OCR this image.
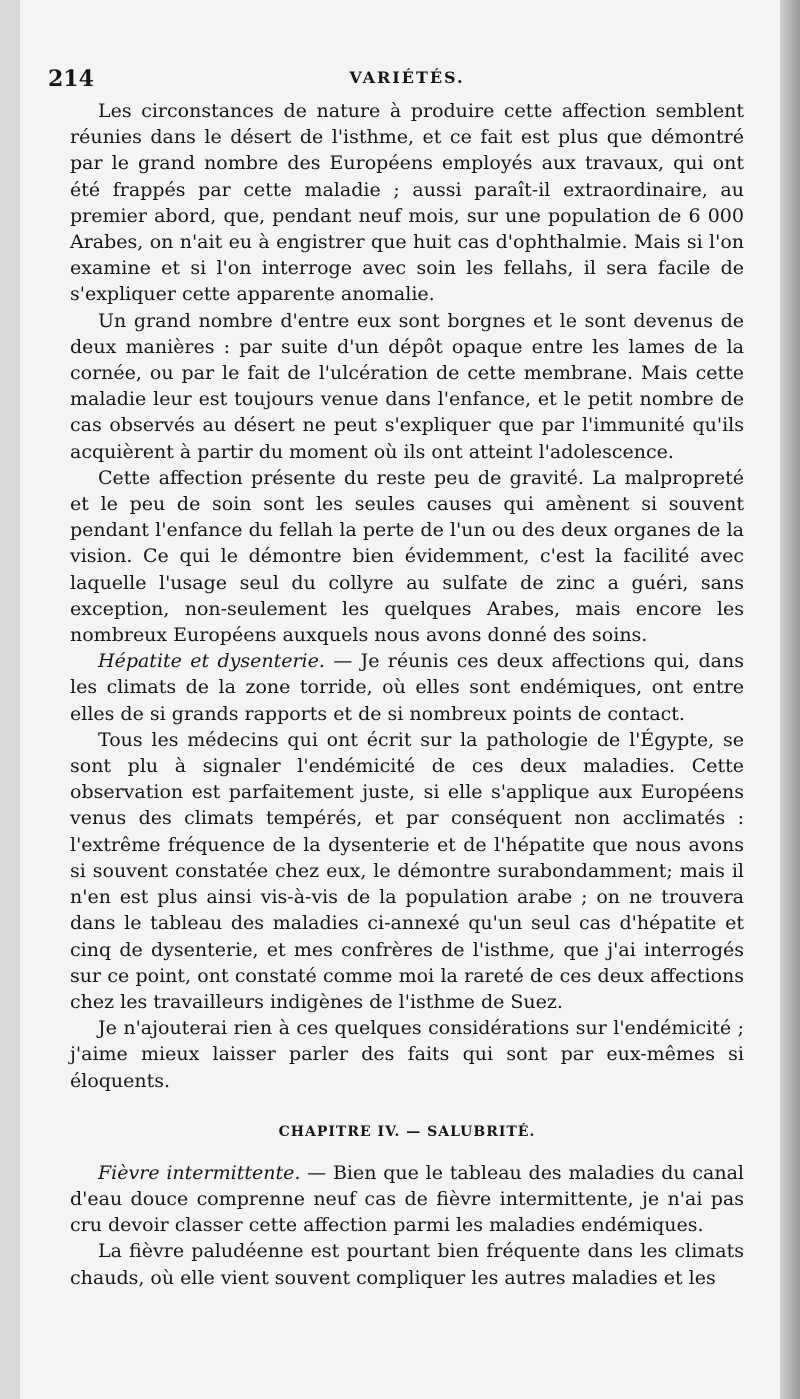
214	VARIÉTÉS.

Les circonstances de nature à produire cette affection semblent réunies dans le désert de l'isthme, et ce fait est plus que démontré par le grand nombre des Européens employés aux travaux, qui ont été frappés par cette maladie ; aussi paraît-il extraordinaire, au premier abord, que, pendant neuf mois, sur une population de 6 000 Arabes, on n'ait eu à engistrer que huit cas d'ophthalmie. Mais si l'on examine et si l'on interroge avec soin les fellahs, il sera facile de s'expliquer cette apparente anomalie.

Un grand nombre d'entre eux sont borgnes et le sont devenus de deux manières : par suite d'un dépôt opaque entre les lames de la cornée, ou par le fait de l'ulcération de cette membrane. Mais cette maladie leur est toujours venue dans l'enfance, et le petit nombre de cas observés au désert ne peut s'expliquer que par l'immunité qu'ils acquièrent à partir du moment où ils ont atteint l'adolescence.

Cette affection présente du reste peu de gravité. La malpropreté et le peu de soin sont les seules causes qui amènent si souvent pendant l'enfance du fellah la perte de l'un ou des deux organes de la vision. Ce qui le démontre bien évidemment, c'est la facilité avec laquelle l'usage seul du collyre au sulfate de zinc a guéri, sans exception, non-seulement les quelques Arabes, mais encore les nombreux Européens auxquels nous avons donné des soins.

Hépatite et dysenterie. — Je réunis ces deux affections qui, dans les climats de la zone torride, où elles sont endémiques, ont entre elles de si grands rapports et de si nombreux points de contact.

Tous les médecins qui ont écrit sur la pathologie de l'Égypte, se sont plu à signaler l'endémicité de ces deux maladies. Cette observation est parfaitement juste, si elle s'applique aux Européens venus des climats tempérés, et par conséquent non acclimatés : l'extrême fréquence de la dysenterie et de l'hépatite que nous avons si souvent constatée chez eux, le démontre surabondamment; mais il n'en est plus ainsi vis-à-vis de la population arabe ; on ne trouvera dans le tableau des maladies ci-annexé qu'un seul cas d'hépatite et cinq de dysenterie, et mes confrères de l'isthme, que j'ai interrogés sur ce point, ont constaté comme moi la rareté de ces deux affections chez les travailleurs indigènes de l'isthme de Suez.

Je n'ajouterai rien à ces quelques considérations sur l'endémicité ; j'aime mieux laisser parler des faits qui sont par eux-mêmes si éloquents.

CHAPITRE IV. — SALUBRITÉ.

Fièvre intermittente. — Bien que le tableau des maladies du canal d'eau douce comprenne neuf cas de fièvre intermittente, je n'ai pas cru devoir classer cette affection parmi les maladies endémiques.

La fièvre paludéenne est pourtant bien fréquente dans les climats chauds, où elle vient souvent compliquer les autres maladies et les
